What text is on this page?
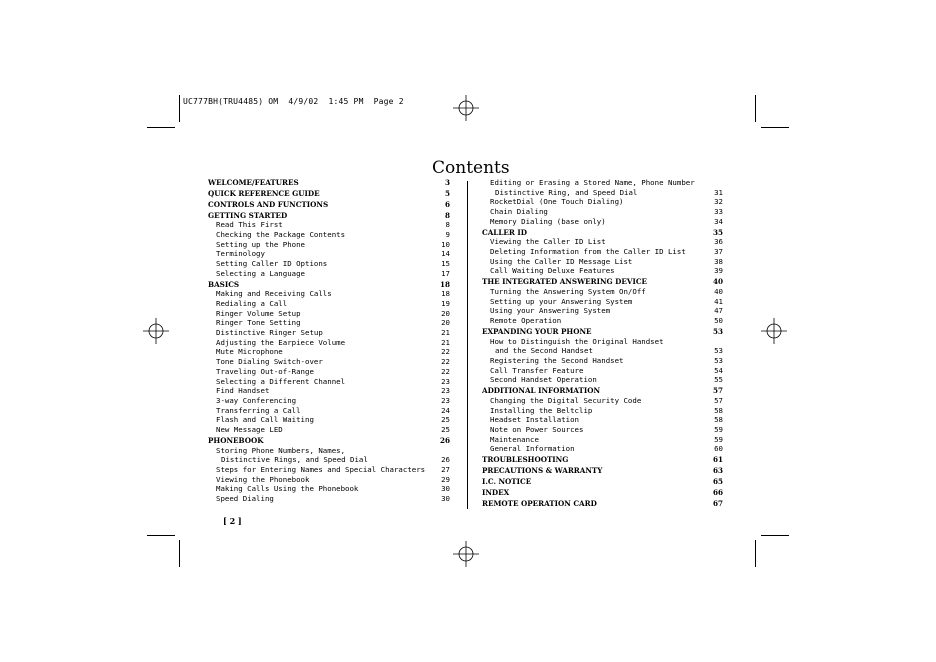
UC777BH(TRU4485) OM  4/9/02  1:45 PM  Page 2
Contents
WELCOME/FEATURES	3
QUICK REFERENCE GUIDE	5
CONTROLS AND FUNCTIONS	6
GETTING STARTED	8
Read This First	8
Checking the Package Contents	9
Setting up the Phone	10
Terminology	14
Setting Caller ID Options	15
Selecting a Language	17
BASICS	18
Making and Receiving Calls	18
Redialing a Call	19
Ringer Volume Setup	20
Ringer Tone Setting	20
Distinctive Ringer Setup	21
Adjusting the Earpiece Volume	21
Mute Microphone	22
Tone Dialing Switch-over	22
Traveling Out-of-Range	22
Selecting a Different Channel	23
Find Handset	23
3-way Conferencing	23
Transferring a Call	24
Flash and Call Waiting	25
New Message LED	25
PHONEBOOK	26
Storing Phone Numbers, Names,
Distinctive Rings, and Speed Dial	26
Steps for Entering Names and Special Characters 27
Viewing the Phonebook	29
Making Calls Using the Phonebook	30
Speed Dialing	30
Editing or Erasing a Stored Name, Phone Number
Distinctive Ring, and Speed Dial	31
RocketDial (One Touch Dialing)	32
Chain Dialing	33
Memory Dialing (base only)	34
CALLER ID	35
Viewing the Caller ID List	36
Deleting Information from the Caller ID List	37
Using the Caller ID Message List	38
Call Waiting Deluxe Features	39
THE INTEGRATED ANSWERING DEVICE	40
Turning the Answering System On/Off	40
Setting up your Answering System	41
Using your Answering System	47
Remote Operation	50
EXPANDING YOUR PHONE	53
How to Distinguish the Original Handset
and the Second Handset	53
Registering the Second Handset	53
Call Transfer Feature	54
Second Handset Operation	55
ADDITIONAL INFORMATION	57
Changing the Digital Security Code	57
Installing the Beltclip	58
Headset Installation	58
Note on Power Sources	59
Maintenance	59
General Information	60
TROUBLESHOOTING	61
PRECAUTIONS & WARRANTY	63
I.C. NOTICE	65
INDEX	66
REMOTE OPERATION CARD	67
[ 2 ]
